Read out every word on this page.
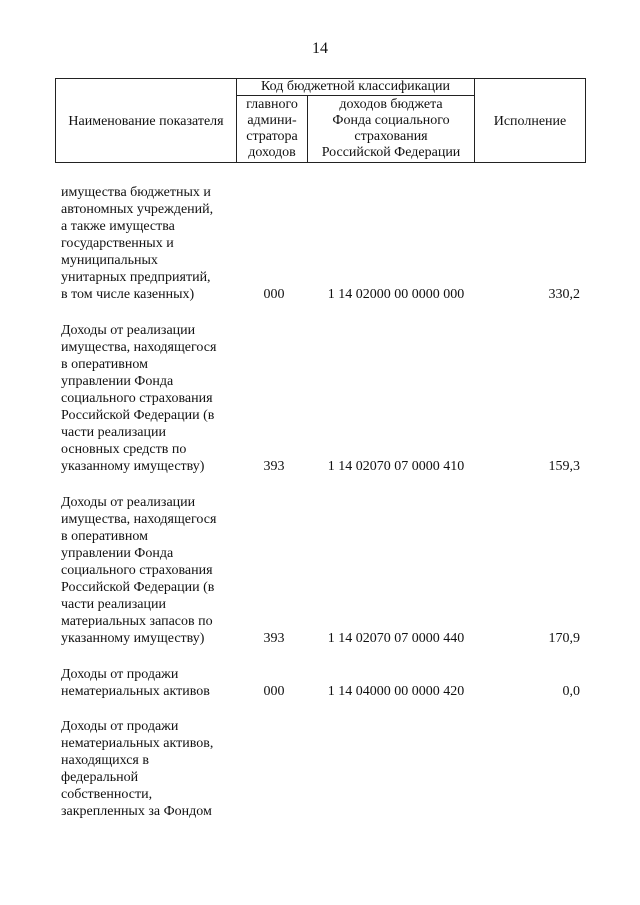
14
Наименование показателя
Код бюджетной классификации
главного
админи-
стратора
доходов
доходов бюджета
Фонда социального
страхования
Российской Федерации
Исполнение
имущества бюджетных и
автономных учреждений,
а также имущества
государственных и
муниципальных
унитарных предприятий,
в том числе казенных)	000	1 14 02000 00 0000 000	330,2
Доходы от реализации
имущества, находящегося
в оперативном
управлении Фонда
социального страхования
Российской Федерации (в
части реализации
основных средств по
указанному имуществу)	393	1 14 02070 07 0000 410	159,3
Доходы от реализации
имущества, находящегося
в оперативном
управлении Фонда
социального страхования
Российской Федерации (в
части реализации
материальных запасов по
указанному имуществу)	393	1 14 02070 07 0000 440	170,9
Доходы от продажи
нематериальных активов	000	1 14 04000 00 0000 420	0,0
Доходы от продажи
нематериальных активов,
находящихся в
федеральной
собственности,
закрепленных за Фондом
